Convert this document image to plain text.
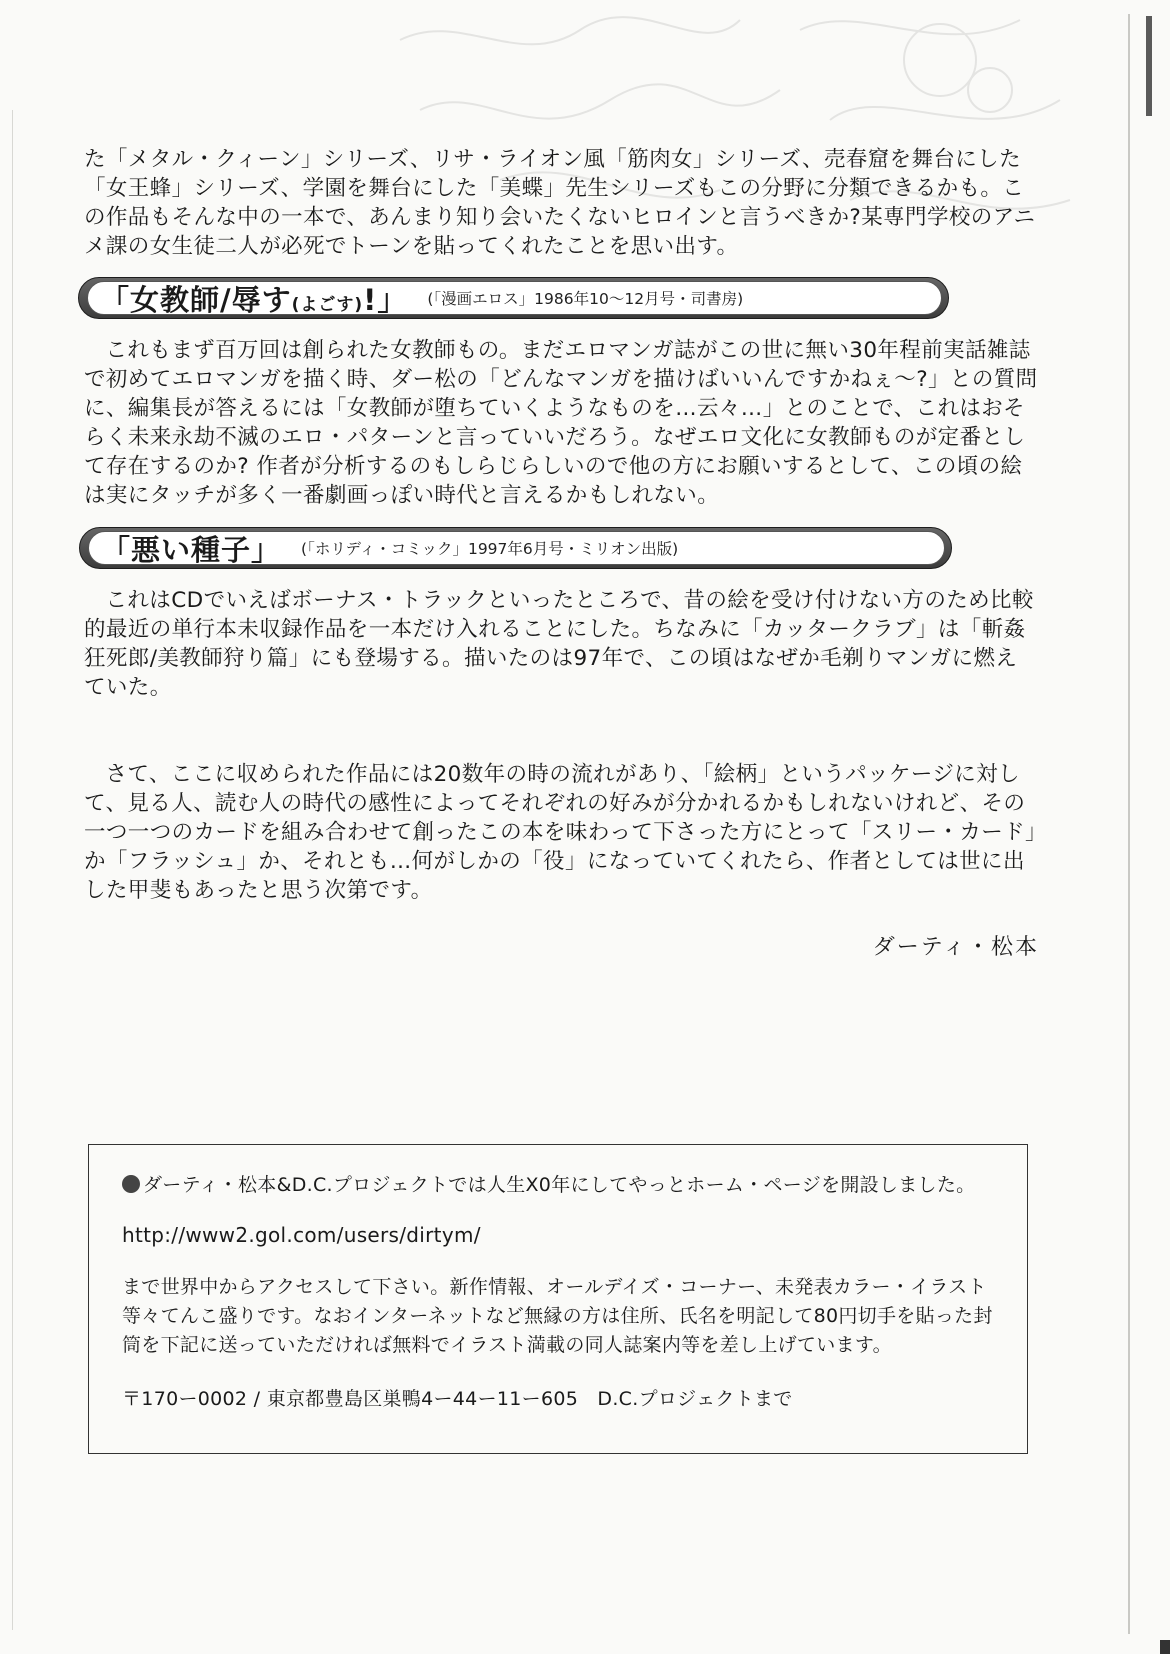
た「メタル・クィーン」シリーズ、リサ・ライオン風「筋肉女」シリーズ、売春窟を舞台にした「女王蜂」シリーズ、学園を舞台にした「美蝶」先生シリーズもこの分野に分類できるかも。この作品もそんな中の一本で、あんまり知り会いたくないヒロインと言うべきか?某専門学校のアニメ課の女生徒二人が必死でトーンを貼ってくれたことを思い出す。

「女教師/辱す(よごす)!」 (「漫画エロス」1986年10〜12月号・司書房)

これもまず百万回は創られた女教師もの。まだエロマンガ誌がこの世に無い30年程前実話雑誌で初めてエロマンガを描く時、ダー松の「どんなマンガを描けばいいんですかねぇ～?」との質問に、編集長が答えるには「女教師が堕ちていくようなものを…云々…」とのことで、これはおそらく未来永劫不滅のエロ・パターンと言っていいだろう。なぜエロ文化に女教師ものが定番として存在するのか? 作者が分析するのもしらじらしいので他の方にお願いするとして、この頃の絵は実にタッチが多く一番劇画っぽい時代と言えるかもしれない。

「悪い種子」 (「ホリディ・コミック」1997年6月号・ミリオン出版)

これはCDでいえばボーナス・トラックといったところで、昔の絵を受け付けない方のため比較的最近の単行本未収録作品を一本だけ入れることにした。ちなみに「カッタークラブ」は「斬姦狂死郎/美教師狩り篇」にも登場する。描いたのは97年で、この頃はなぜか毛剃りマンガに燃えていた。

さて、ここに収められた作品には20数年の時の流れがあり、「絵柄」というパッケージに対して、見る人、読む人の時代の感性によってそれぞれの好みが分かれるかもしれないけれど、その一つ一つのカードを組み合わせて創ったこの本を味わって下さった方にとって「スリー・カード」か「フラッシュ」か、それとも…何がしかの「役」になっていてくれたら、作者としては世に出した甲斐もあったと思う次第です。

ダーティ・松本

ダーティ・松本&D.C.プロジェクトでは人生X0年にしてやっとホーム・ページを開設しました。

http://www2.gol.com/users/dirtym/

まで世界中からアクセスして下さい。新作情報、オールデイズ・コーナー、未発表カラー・イラスト等々てんこ盛りです。なおインターネットなど無縁の方は住所、氏名を明記して80円切手を貼った封筒を下記に送っていただければ無料でイラスト満載の同人誌案内等を差し上げています。

〒170ー0002 / 東京都豊島区巣鴨4ー44ー11ー605　D.C.プロジェクトまで
